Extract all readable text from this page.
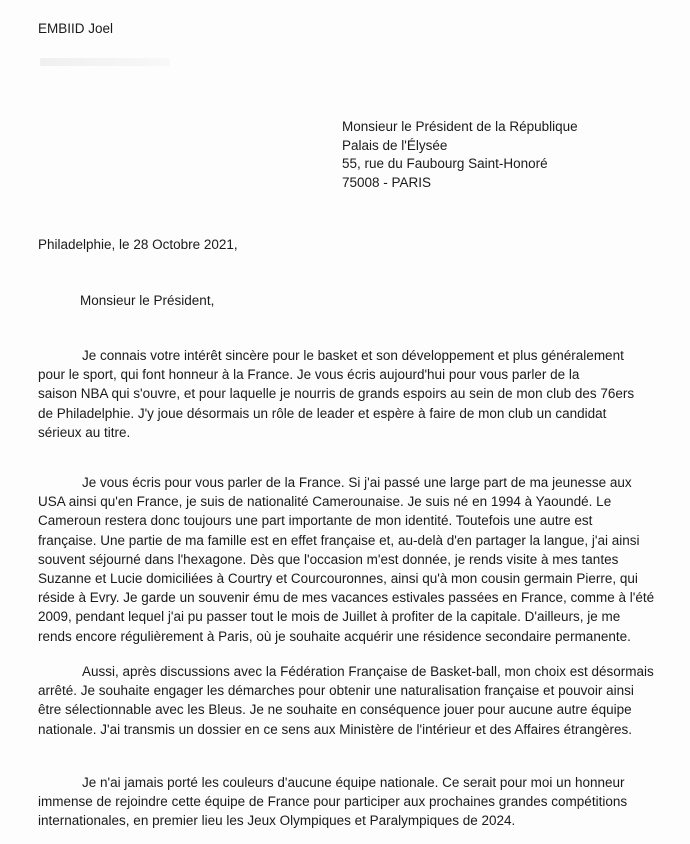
EMBIID Joel
Monsieur le Président de la République
Palais de l'Élysée
55, rue du Faubourg Saint-Honoré
75008 - PARIS
Philadelphie, le 28 Octobre 2021,
Monsieur le Président,
Je connais votre intérêt sincère pour le basket et son développement et plus généralement
pour le sport, qui font honneur à la France. Je vous écris aujourd'hui pour vous parler de la
saison NBA qui s'ouvre, et pour laquelle je nourris de grands espoirs au sein de mon club des 76ers
de Philadelphie. J'y joue désormais un rôle de leader et espère à faire de mon club un candidat
sérieux au titre.
Je vous écris pour vous parler de la France. Si j'ai passé une large part de ma jeunesse aux
USA ainsi qu'en France, je suis de nationalité Camerounaise. Je suis né en 1994 à Yaoundé. Le
Cameroun restera donc toujours une part importante de mon identité. Toutefois une autre est
française. Une partie de ma famille est en effet française et, au-delà d'en partager la langue, j'ai ainsi
souvent séjourné dans l'hexagone. Dès que l'occasion m'est donnée, je rends visite à mes tantes
Suzanne et Lucie domiciliées à Courtry et Courcouronnes, ainsi qu'à mon cousin germain Pierre, qui
réside à Evry. Je garde un souvenir ému de mes vacances estivales passées en France, comme à l'été
2009, pendant lequel j'ai pu passer tout le mois de Juillet à profiter de la capitale. D'ailleurs, je me
rends encore régulièrement à Paris, où je souhaite acquérir une résidence secondaire permanente.
Aussi, après discussions avec la Fédération Française de Basket-ball, mon choix est désormais
arrêté. Je souhaite engager les démarches pour obtenir une naturalisation française et pouvoir ainsi
être sélectionnable avec les Bleus. Je ne souhaite en conséquence jouer pour aucune autre équipe
nationale. J'ai transmis un dossier en ce sens aux Ministère de l'intérieur et des Affaires étrangères.
Je n'ai jamais porté les couleurs d'aucune équipe nationale. Ce serait pour moi un honneur
immense de rejoindre cette équipe de France pour participer aux prochaines grandes compétitions
internationales, en premier lieu les Jeux Olympiques et Paralympiques de 2024.
